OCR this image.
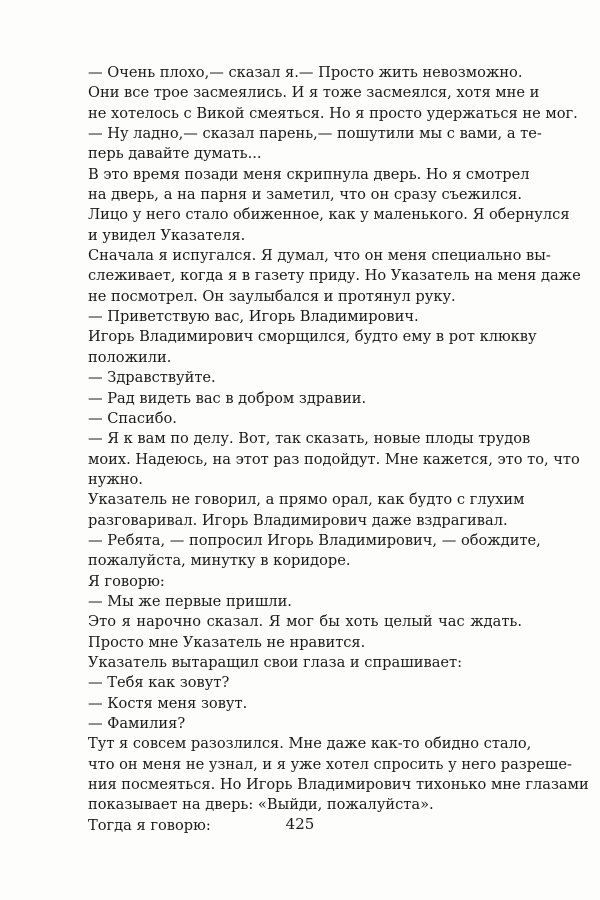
— Очень плохо,— сказал я.— Просто жить невозможно.
Они все трое засмеялись. И я тоже засмеялся, хотя мне и
не хотелось с Викой смеяться. Но я просто удержаться не мог.
— Ну ладно,— сказал парень,— пошутили мы с вами, а те-
перь давайте думать...
В это время позади меня скрипнула дверь. Но я смотрел
на дверь, а на парня и заметил, что он сразу съежился.
Лицо у него стало обиженное, как у маленького. Я обернулся
и увидел Указателя.
Сначала я испугался. Я думал, что он меня специально вы-
слеживает, когда я в газету приду. Но Указатель на меня даже
не посмотрел. Он заулыбался и протянул руку.
— Приветствую вас, Игорь Владимирович.
Игорь Владимирович сморщился, будто ему в рот клюкву
положили.
— Здравствуйте.
— Рад видеть вас в добром здравии.
— Спасибо.
— Я к вам по делу. Вот, так сказать, новые плоды трудов
моих. Надеюсь, на этот раз подойдут. Мне кажется, это то, что
нужно.
Указатель не говорил, а прямо орал, как будто с глухим
разговаривал. Игорь Владимирович даже вздрагивал.
— Ребята, — попросил Игорь Владимирович, — обождите,
пожалуйста, минутку в коридоре.
Я говорю:
— Мы же первые пришли.
Это я нарочно сказал. Я мог бы хоть целый час ждать.
Просто мне Указатель не нравится.
Указатель вытаращил свои глаза и спрашивает:
— Тебя как зовут?
— Костя меня зовут.
— Фамилия?
Тут я совсем разозлился. Мне даже как-то обидно стало,
что он меня не узнал, и я уже хотел спросить у него разреше-
ния посмеяться. Но Игорь Владимирович тихонько мне глазами
показывает на дверь: «Выйди, пожалуйста».
Тогда я говорю:	425
